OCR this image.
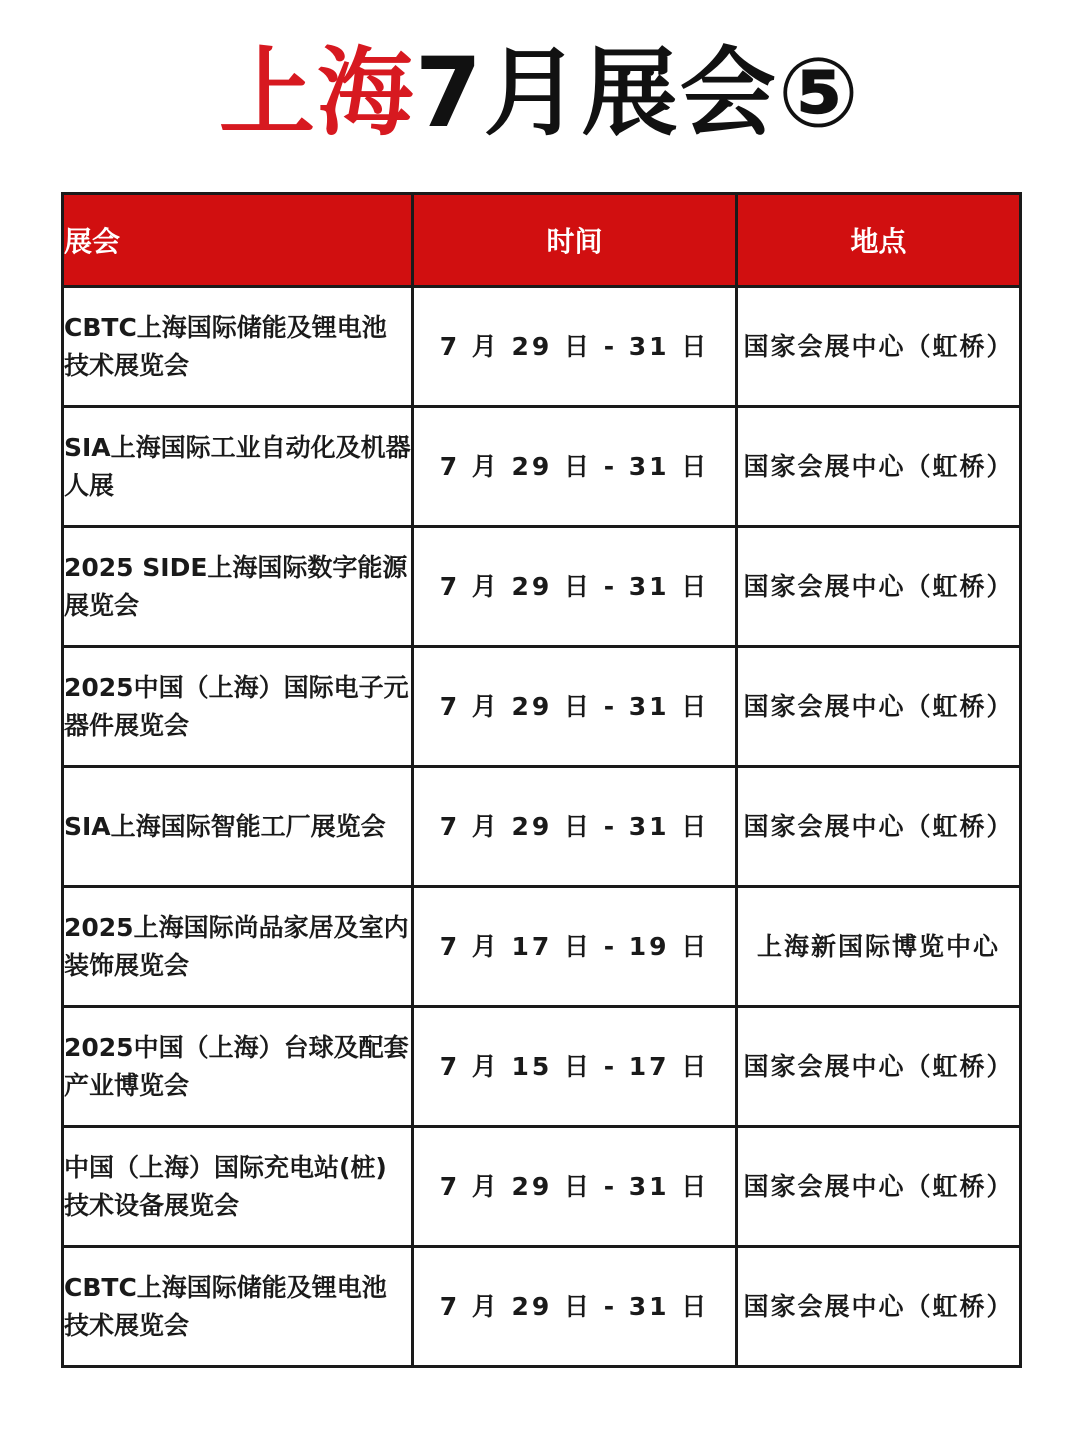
上海7月展会⑤
展会	时间	地点
CBTC上海国际储能及锂电池技术展览会	7 月 29 日 - 31 日	国家会展中心（虹桥）
SIA上海国际工业自动化及机器人展	7 月 29 日 - 31 日	国家会展中心（虹桥）
2025 SIDE上海国际数字能源展览会	7 月 29 日 - 31 日	国家会展中心（虹桥）
2025中国（上海）国际电子元器件展览会	7 月 29 日 - 31 日	国家会展中心（虹桥）
SIA上海国际智能工厂展览会	7 月 29 日 - 31 日	国家会展中心（虹桥）
2025上海国际尚品家居及室内装饰展览会	7 月 17 日 - 19 日	上海新国际博览中心
2025中国（上海）台球及配套产业博览会	7 月 15 日 - 17 日	国家会展中心（虹桥）
中国（上海）国际充电站(桩)技术设备展览会	7 月 29 日 - 31 日	国家会展中心（虹桥）
CBTC上海国际储能及锂电池技术展览会	7 月 29 日 - 31 日	国家会展中心（虹桥）
